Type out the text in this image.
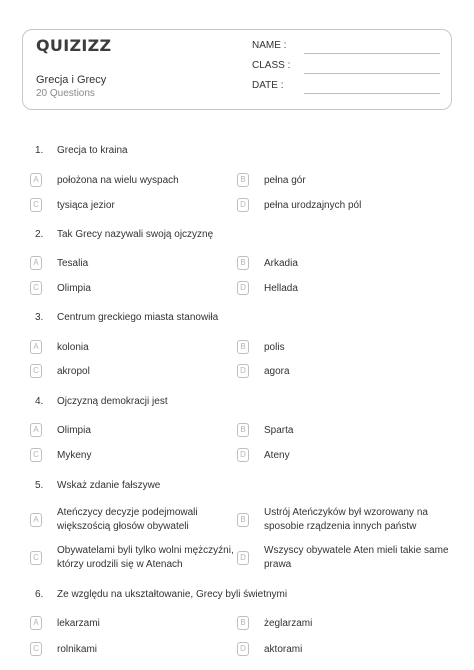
QUIZIZZ
Grecja i Grecy
20 Questions
NAME :
CLASS :
DATE :
1. Grecja to kraina
A	położona na wielu wyspach	B	pełna gór
C	tysiąca jezior	D	pełna urodzajnych pól
2. Tak Grecy nazywali swoją ojczyznę
A	Tesalia	B	Arkadia
C	Olimpia	D	Hellada
3. Centrum greckiego miasta stanowiła
A	kolonia	B	polis
C	akropol	D	agora
4. Ojczyzną demokracji jest
A	Olimpia	B	Sparta
C	Mykeny	D	Ateny
5. Wskaż zdanie fałszywe
A
Ateńczycy decyzje podejmowali większością głosów obywateli
B
Ustrój Ateńczyków był wzorowany na sposobie rządzenia innych państw
C
Obywatelami byli tylko wolni mężczyźni, którzy urodzili się w Atenach
D
Wszyscy obywatele Aten mieli takie same prawa
6. Ze względu na ukształtowanie, Grecy byli świetnymi
A	lekarzami	B	żeglarzami
C	rolnikami	D	aktorami
